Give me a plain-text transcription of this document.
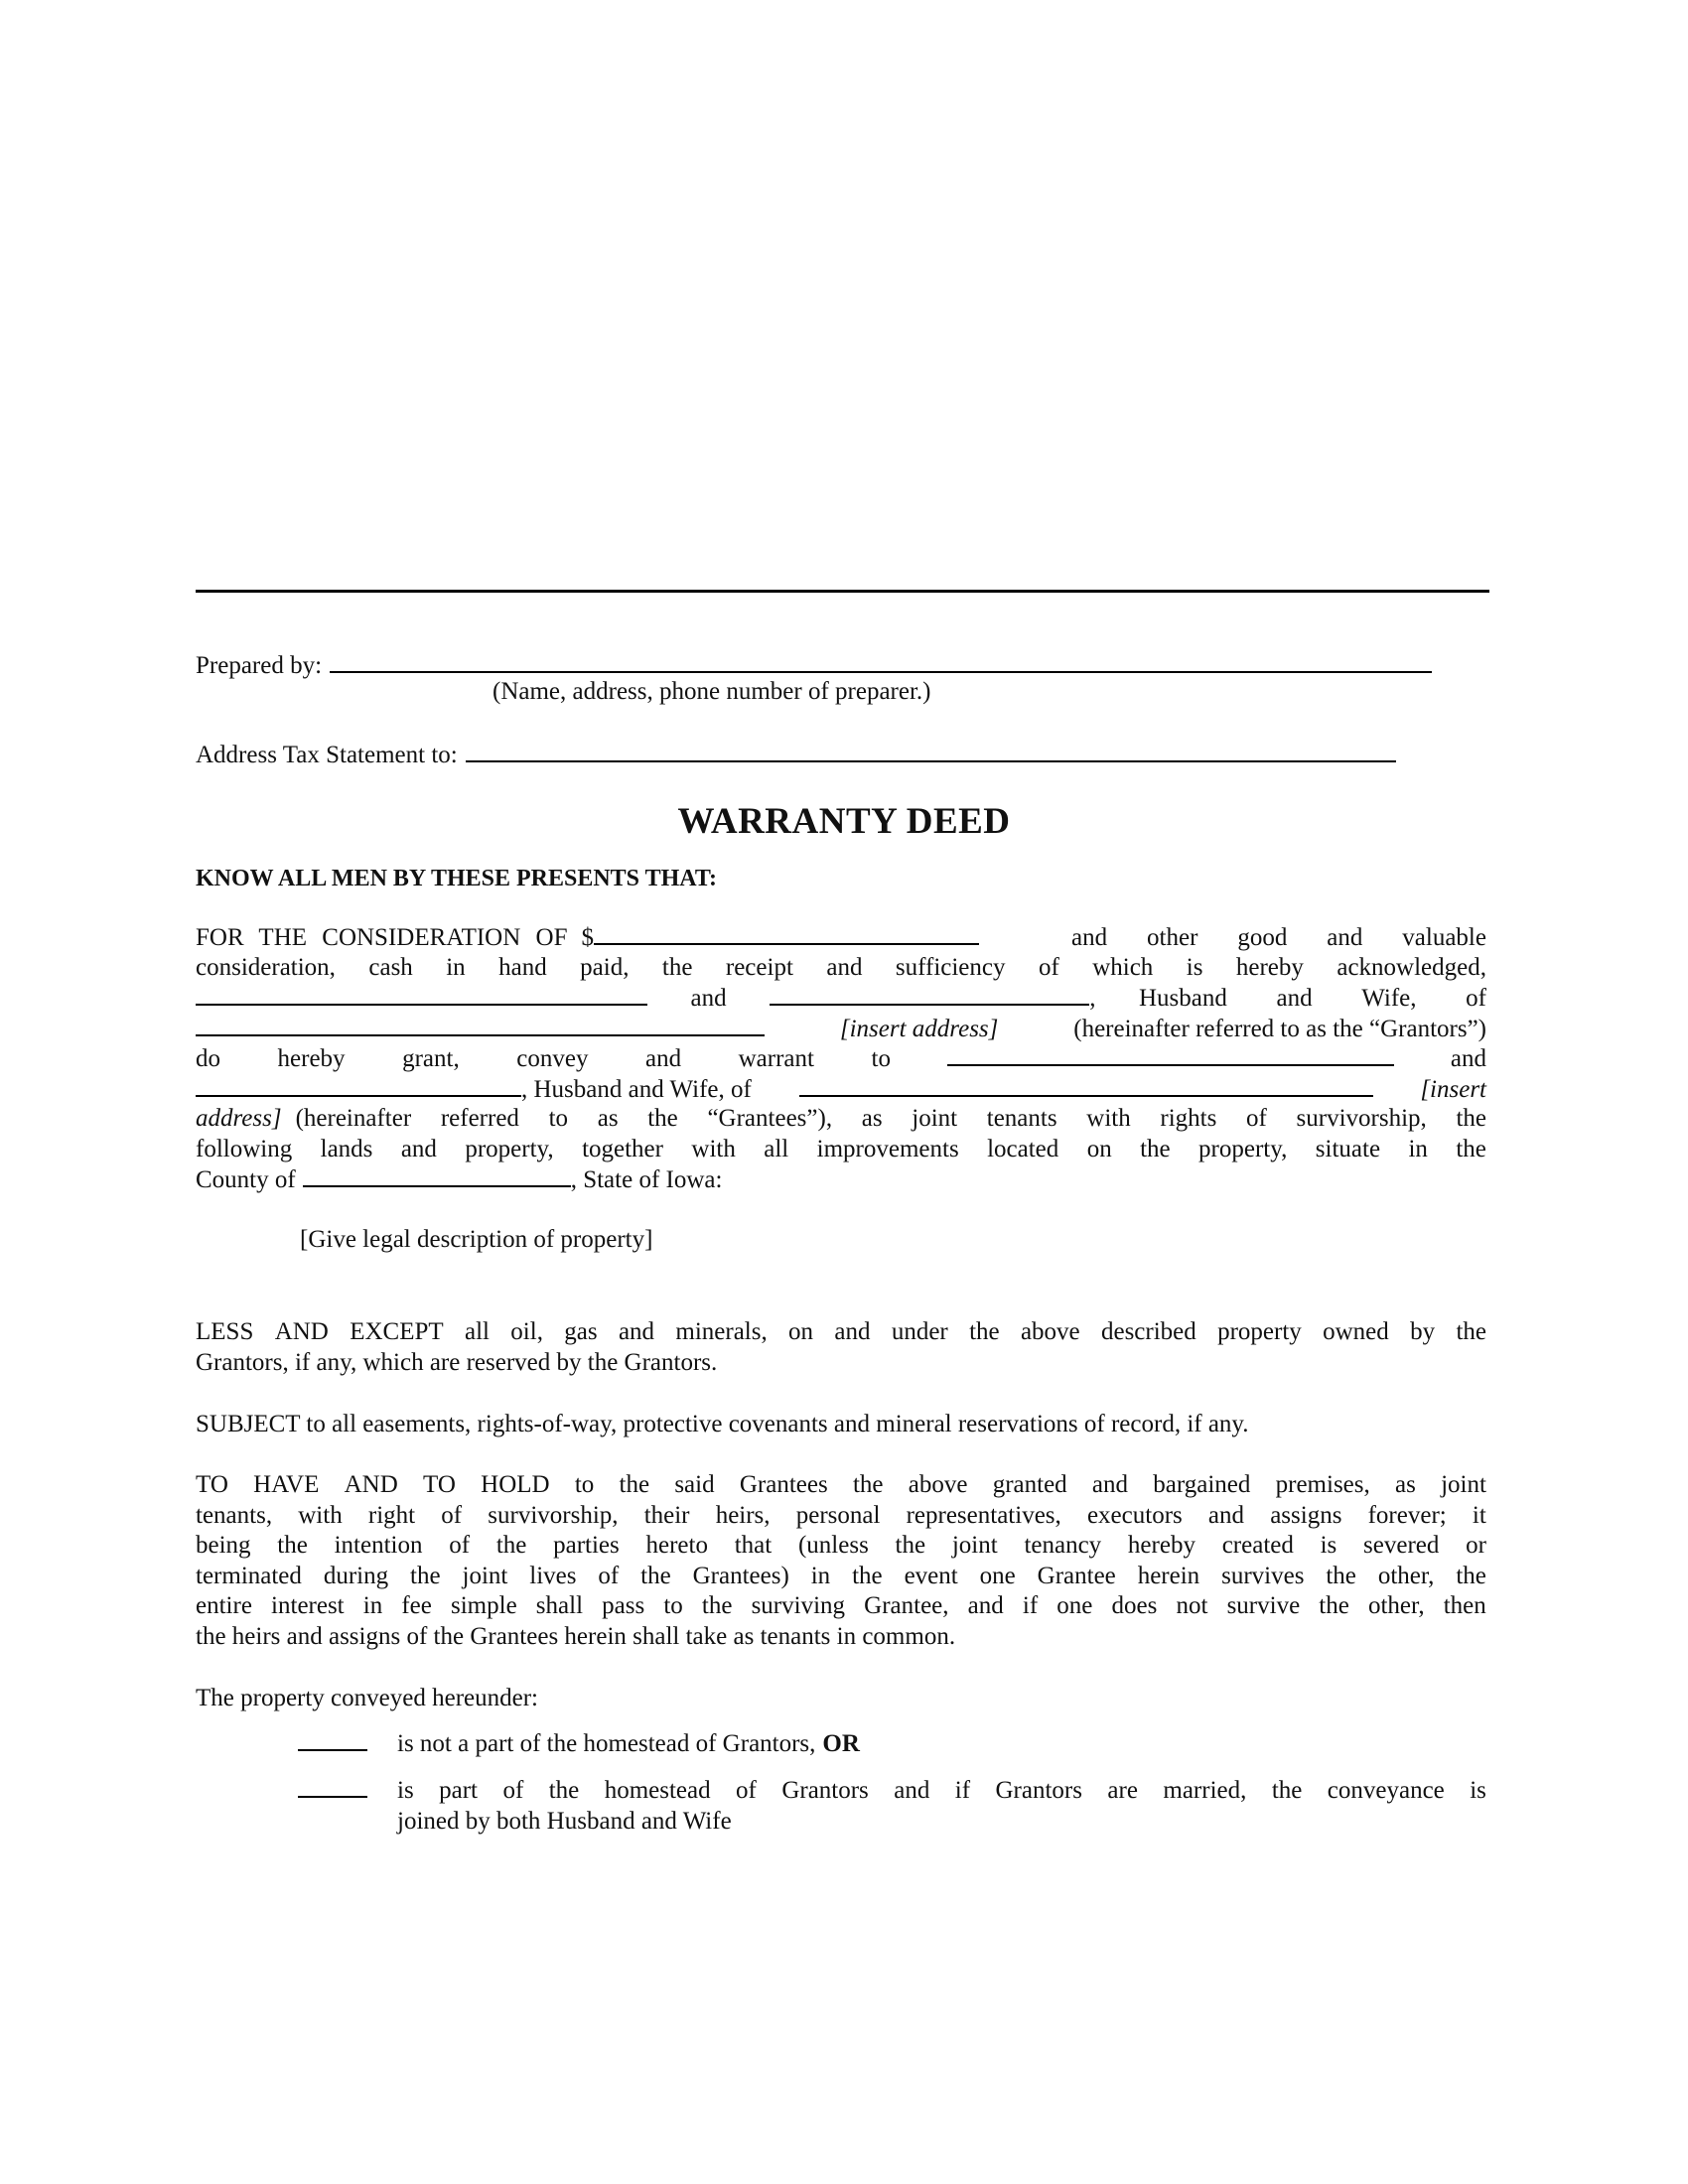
Prepared by:
(Name, address, phone number of preparer.)
Address Tax Statement to:
WARRANTY DEED
KNOW ALL MEN BY THESE PRESENTS THAT:
FOR THE CONSIDERATION OF $	and other good and valuable
consideration, cash in hand paid, the receipt and sufficiency of which is hereby acknowledged,
and	, Husband and Wife, of
[insert address]	(hereinafter referred to as the “Grantors”)
do hereby grant, convey and warrant to	and
, Husband and Wife, of	[insert
address] (hereinafter referred to as the “Grantees”), as joint tenants with rights of survivorship, the
following lands and property, together with all improvements located on the property, situate in the
County of	, State of Iowa:
[Give legal description of property]
LESS AND EXCEPT all oil, gas and minerals, on and under the above described property owned by the
Grantors, if any, which are reserved by the Grantors.
SUBJECT to all easements, rights-of-way, protective covenants and mineral reservations of record, if any.
TO HAVE AND TO HOLD to the said Grantees the above granted and bargained premises, as joint
tenants, with right of survivorship, their heirs, personal representatives, executors and assigns forever; it
being the intention of the parties hereto that (unless the joint tenancy hereby created is severed or
terminated during the joint lives of the Grantees) in the event one Grantee herein survives the other, the
entire interest in fee simple shall pass to the surviving Grantee, and if one does not survive the other, then
the heirs and assigns of the Grantees herein shall take as tenants in common.
The property conveyed hereunder:
is not a part of the homestead of Grantors, OR
is part of the homestead of Grantors and if Grantors are married, the conveyance is
joined by both Husband and Wife
